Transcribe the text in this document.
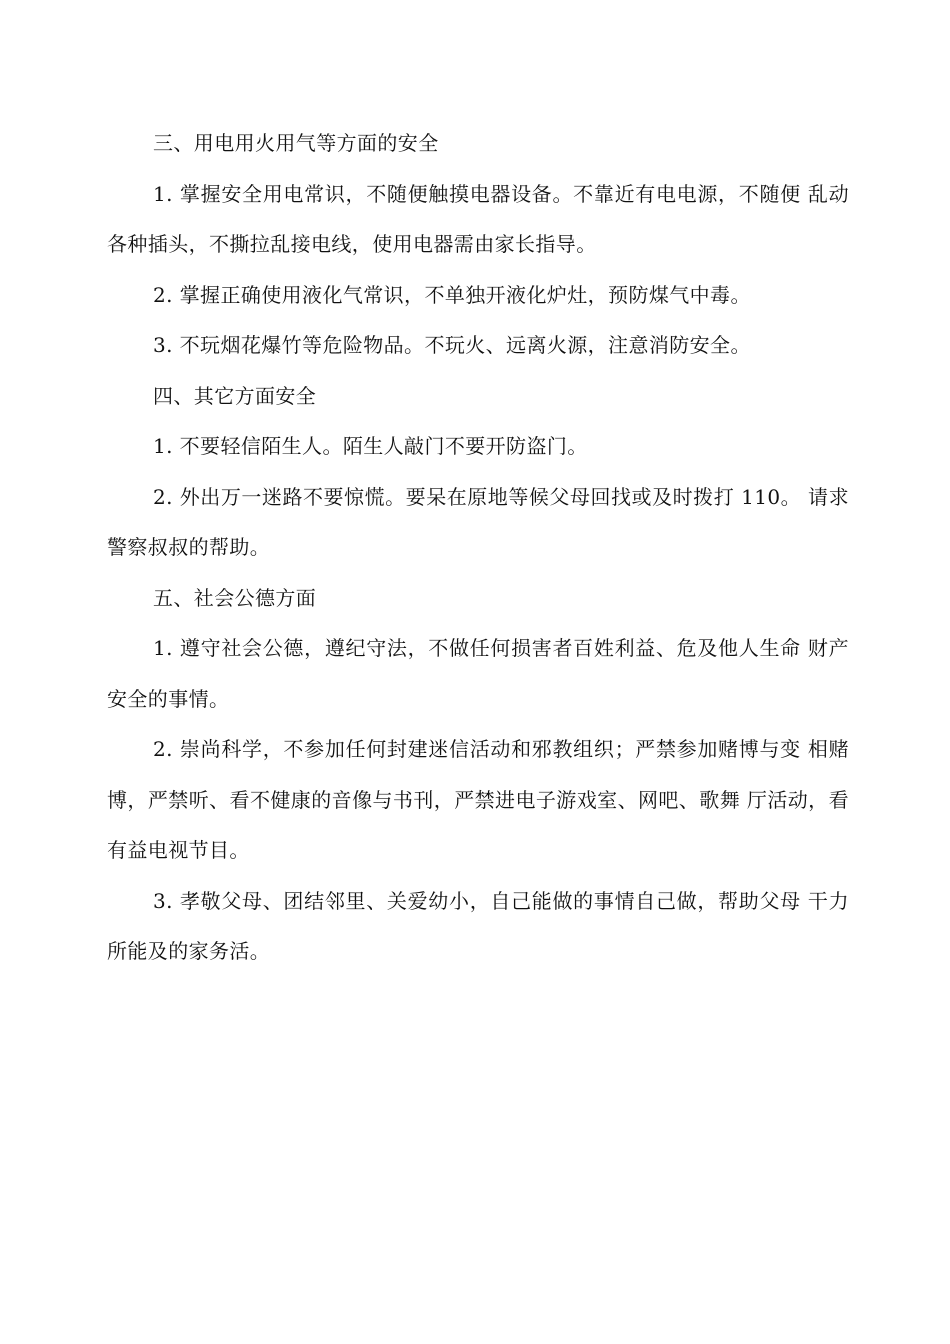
三、用电用火用气等方面的安全

1. 掌握安全用电常识，不随便触摸电器设备。不靠近有电电源，不随便 乱动各种插头，不撕拉乱接电线，使用电器需由家长指导。

2. 掌握正确使用液化气常识，不单独开液化炉灶，预防煤气中毒。

3. 不玩烟花爆竹等危险物品。不玩火、远离火源，注意消防安全。

四、其它方面安全

1. 不要轻信陌生人。陌生人敲门不要开防盗门。

2. 外出万一迷路不要惊慌。要呆在原地等候父母回找或及时拨打 110。 请求警察叔叔的帮助。

五、社会公德方面

1. 遵守社会公德，遵纪守法，不做任何损害者百姓利益、危及他人生命 财产安全的事情。

2. 崇尚科学，不参加任何封建迷信活动和邪教组织；严禁参加赌博与变 相赌博，严禁听、看不健康的音像与书刊，严禁进电子游戏室、网吧、歌舞 厅活动，看有益电视节目。

3. 孝敬父母、团结邻里、关爱幼小，自己能做的事情自己做，帮助父母 干力所能及的家务活。
